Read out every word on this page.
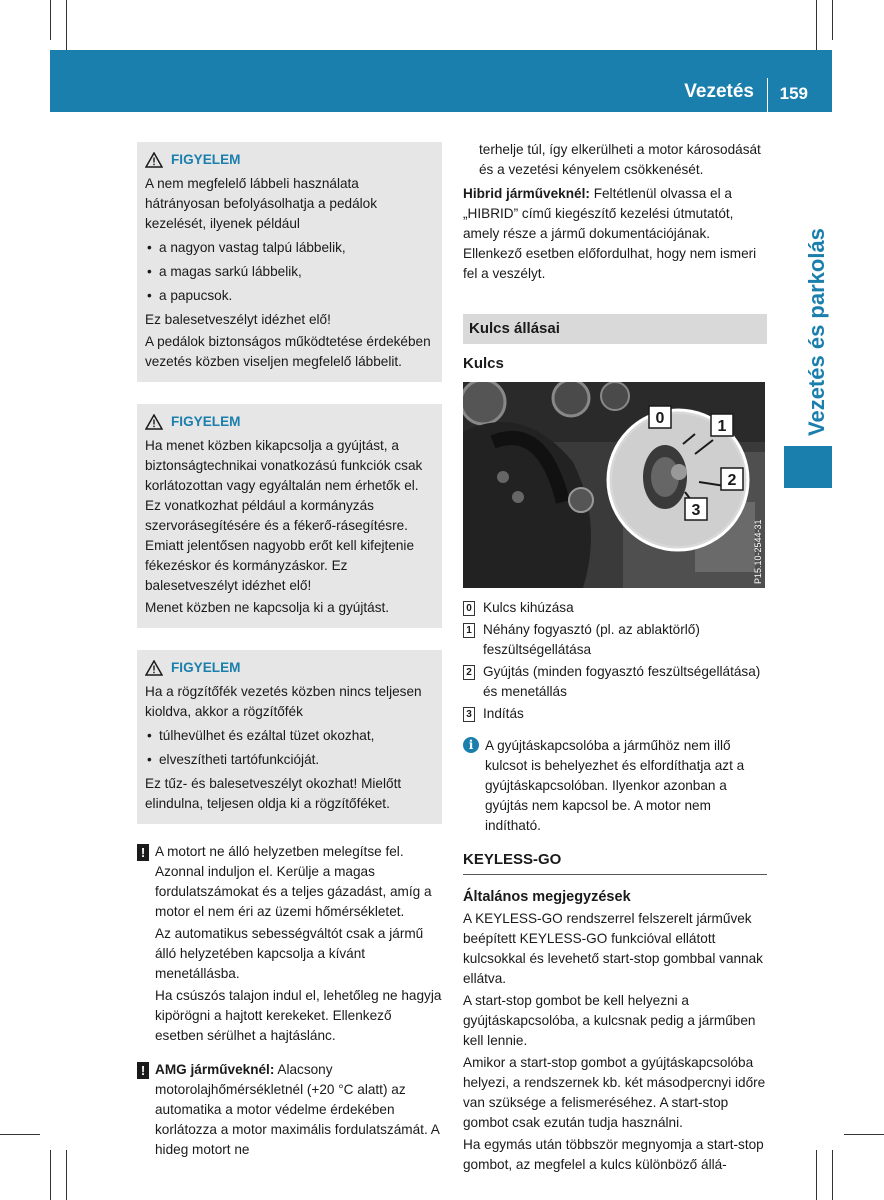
Vezetés 159
Vezetés és parkolás
FIGYELEM

A nem megfelelő lábbeli használata hátrányosan befolyásolhatja a pedálok kezelését, ilyenek például

• a nagyon vastag talpú lábbelik,
• a magas sarkú lábbelik,
• a papucsok.

Ez balesetveszélyt idézhet elő!

A pedálok biztonságos működtetése érdekében vezetés közben viseljen megfelelő lábbelit.

FIGYELEM

Ha menet közben kikapcsolja a gyújtást, a biztonságtechnikai vonatkozású funkciók csak korlátozottan vagy egyáltalán nem érhetők el. Ez vonatkozhat például a kormányzás szervorásegítésére és a fékerő-rásegítésre. Emiatt jelentősen nagyobb erőt kell kifejtenie fékezéskor és kormányzáskor. Ez balesetveszélyt idézhet elő!

Menet közben ne kapcsolja ki a gyújtást.

FIGYELEM

Ha a rögzítőfék vezetés közben nincs teljesen kioldva, akkor a rögzítőfék

• túlhevülhet és ezáltal tüzet okozhat,
• elveszítheti tartófunkcióját.

Ez tűz- és balesetveszélyt okozhat! Mielőtt elindulna, teljesen oldja ki a rögzítőféket.

! A motort ne álló helyzetben melegítse fel. Azonnal induljon el. Kerülje a magas fordulatszámokat és a teljes gázadást, amíg a motor el nem éri az üzemi hőmérsékletet.

Az automatikus sebességváltót csak a jármű álló helyzetében kapcsolja a kívánt menetállásba.

Ha csúszós talajon indul el, lehetőleg ne hagyja kipörögni a hajtott kerekeket. Ellenkező esetben sérülhet a hajtáslánc.

! AMG járműveknél: Alacsony motorolajhőmérsékletnél (+20 °C alatt) az automatika a motor védelme érdekében korlátozza a motor maximális fordulatszámát. A hideg motort ne

terhelje túl, így elkerülheti a motor károsodását és a vezetési kényelem csökkenését.

Hibrid járműveknél: Feltétlenül olvassa el a „HIBRID” című kiegészítő kezelési útmutatót, amely része a jármű dokumentációjának. Ellenkező esetben előfordulhat, hogy nem ismeri fel a veszélyt.

Kulcs állásai
Kulcs
0	1
2
3
P15.10-2544-31
0 Kulcs kihúzása
1 Néhány fogyasztó (pl. az ablaktörlő) feszültségellátása
2 Gyújtás (minden fogyasztó feszültségellátása) és menetállás
3 Indítás
i A gyújtáskapcsolóba a járműhöz nem illő kulcsot is behelyezhet és elfordíthatja azt a gyújtáskapcsolóban. Ilyenkor azonban a gyújtás nem kapcsol be. A motor nem indítható.
KEYLESS-GO
Általános megjegyzések

A KEYLESS-GO rendszerrel felszerelt járművek beépített KEYLESS-GO funkcióval ellátott kulcsokkal és levehető start-stop gombbal vannak ellátva.

A start-stop gombot be kell helyezni a gyújtáskapcsolóba, a kulcsnak pedig a járműben kell lennie.

Amikor a start-stop gombot a gyújtáskapcsolóba helyezi, a rendszernek kb. két másodpercnyi időre van szüksége a felismeréséhez. A start-stop gombot csak ezután tudja használni.

Ha egymás után többször megnyomja a start-stop gombot, az megfelel a kulcs különböző állá-
